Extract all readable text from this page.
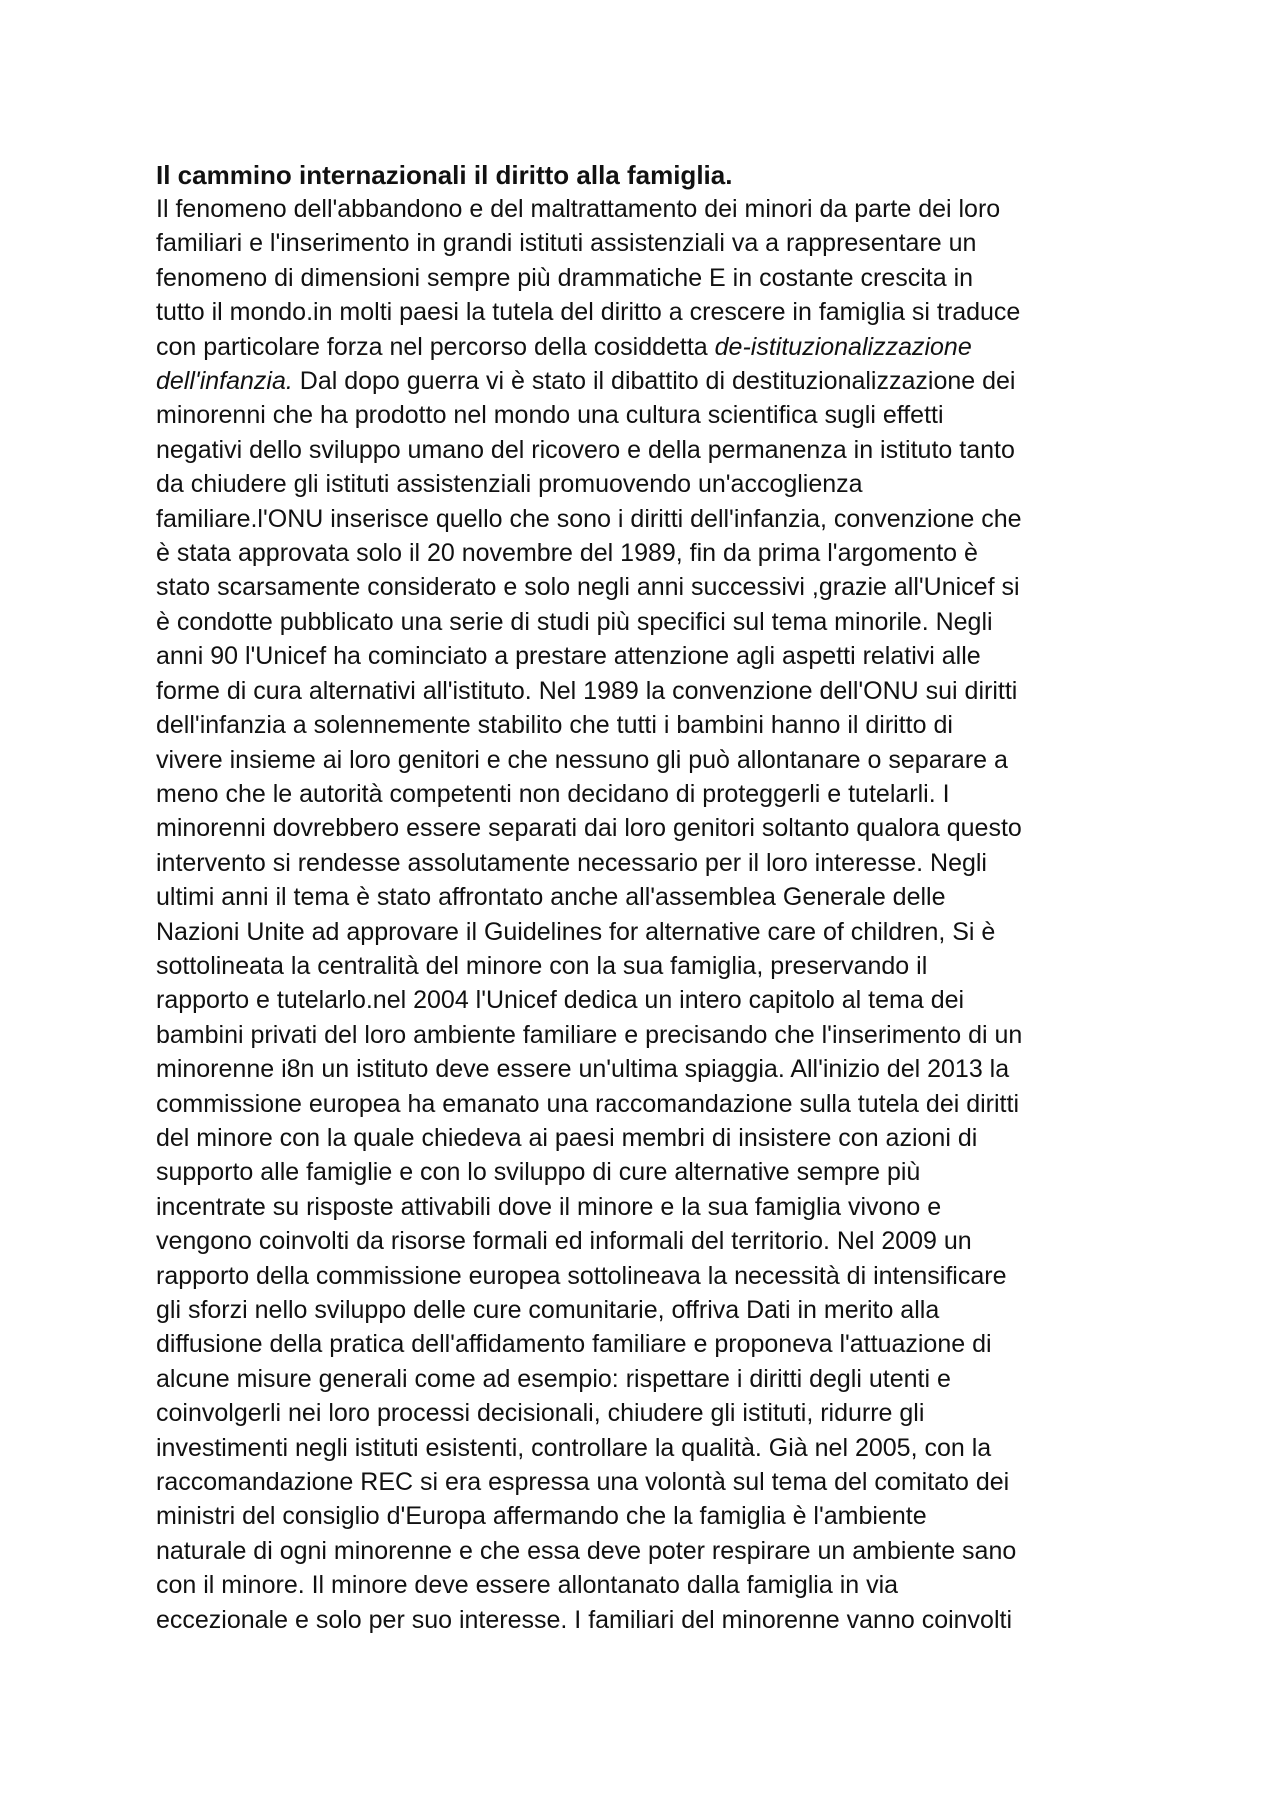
Il cammino internazionali il diritto alla famiglia.
Il fenomeno dell'abbandono e del maltrattamento dei minori da parte dei loro
familiari e l'inserimento in grandi istituti assistenziali va a rappresentare un
fenomeno di dimensioni sempre più drammatiche E in costante crescita in
tutto il mondo.in molti paesi la tutela del diritto a crescere in famiglia si traduce
con particolare forza nel percorso della cosiddetta de-istituzionalizzazione
dell'infanzia. Dal dopo guerra vi è stato il dibattito di destituzionalizzazione dei
minorenni che ha prodotto nel mondo una cultura scientifica sugli effetti
negativi dello sviluppo umano del ricovero e della permanenza in istituto tanto
da chiudere gli istituti assistenziali promuovendo un'accoglienza
familiare.l'ONU inserisce quello che sono i diritti dell'infanzia, convenzione che
è stata approvata solo il 20 novembre del 1989, fin da prima l'argomento è
stato scarsamente considerato e solo negli anni successivi ,grazie all'Unicef si
è condotte pubblicato una serie di studi più specifici sul tema minorile. Negli
anni 90 l'Unicef ha cominciato a prestare attenzione agli aspetti relativi alle
forme di cura alternativi all'istituto. Nel 1989 la convenzione dell'ONU sui diritti
dell'infanzia a solennemente stabilito che tutti i bambini hanno il diritto di
vivere insieme ai loro genitori e che nessuno gli può allontanare o separare a
meno che le autorità competenti non decidano di proteggerli e tutelarli. I
minorenni dovrebbero essere separati dai loro genitori soltanto qualora questo
intervento si rendesse assolutamente necessario per il loro interesse. Negli
ultimi anni il tema è stato affrontato anche all'assemblea Generale delle
Nazioni Unite ad approvare il Guidelines for alternative care of children, Si è
sottolineata la centralità del minore con la sua famiglia, preservando il
rapporto e tutelarlo.nel 2004 l'Unicef dedica un intero capitolo al tema dei
bambini privati del loro ambiente familiare e precisando che l'inserimento di un
minorenne i8n un istituto deve essere un'ultima spiaggia. All'inizio del 2013 la
commissione europea ha emanato una raccomandazione sulla tutela dei diritti
del minore con la quale chiedeva ai paesi membri di insistere con azioni di
supporto alle famiglie e con lo sviluppo di cure alternative sempre più
incentrate su risposte attivabili dove il minore e la sua famiglia vivono e
vengono coinvolti da risorse formali ed informali del territorio. Nel 2009 un
rapporto della commissione europea sottolineava la necessità di intensificare
gli sforzi nello sviluppo delle cure comunitarie, offriva Dati in merito alla
diffusione della pratica dell'affidamento familiare e proponeva l'attuazione di
alcune misure generali come ad esempio: rispettare i diritti degli utenti e
coinvolgerli nei loro processi decisionali, chiudere gli istituti, ridurre gli
investimenti negli istituti esistenti, controllare la qualità. Già nel 2005, con la
raccomandazione REC si era espressa una volontà sul tema del comitato dei
ministri del consiglio d'Europa affermando che la famiglia è l'ambiente
naturale di ogni minorenne e che essa deve poter respirare un ambiente sano
con il minore. Il minore deve essere allontanato dalla famiglia in via
eccezionale e solo per suo interesse. I familiari del minorenne vanno coinvolti
